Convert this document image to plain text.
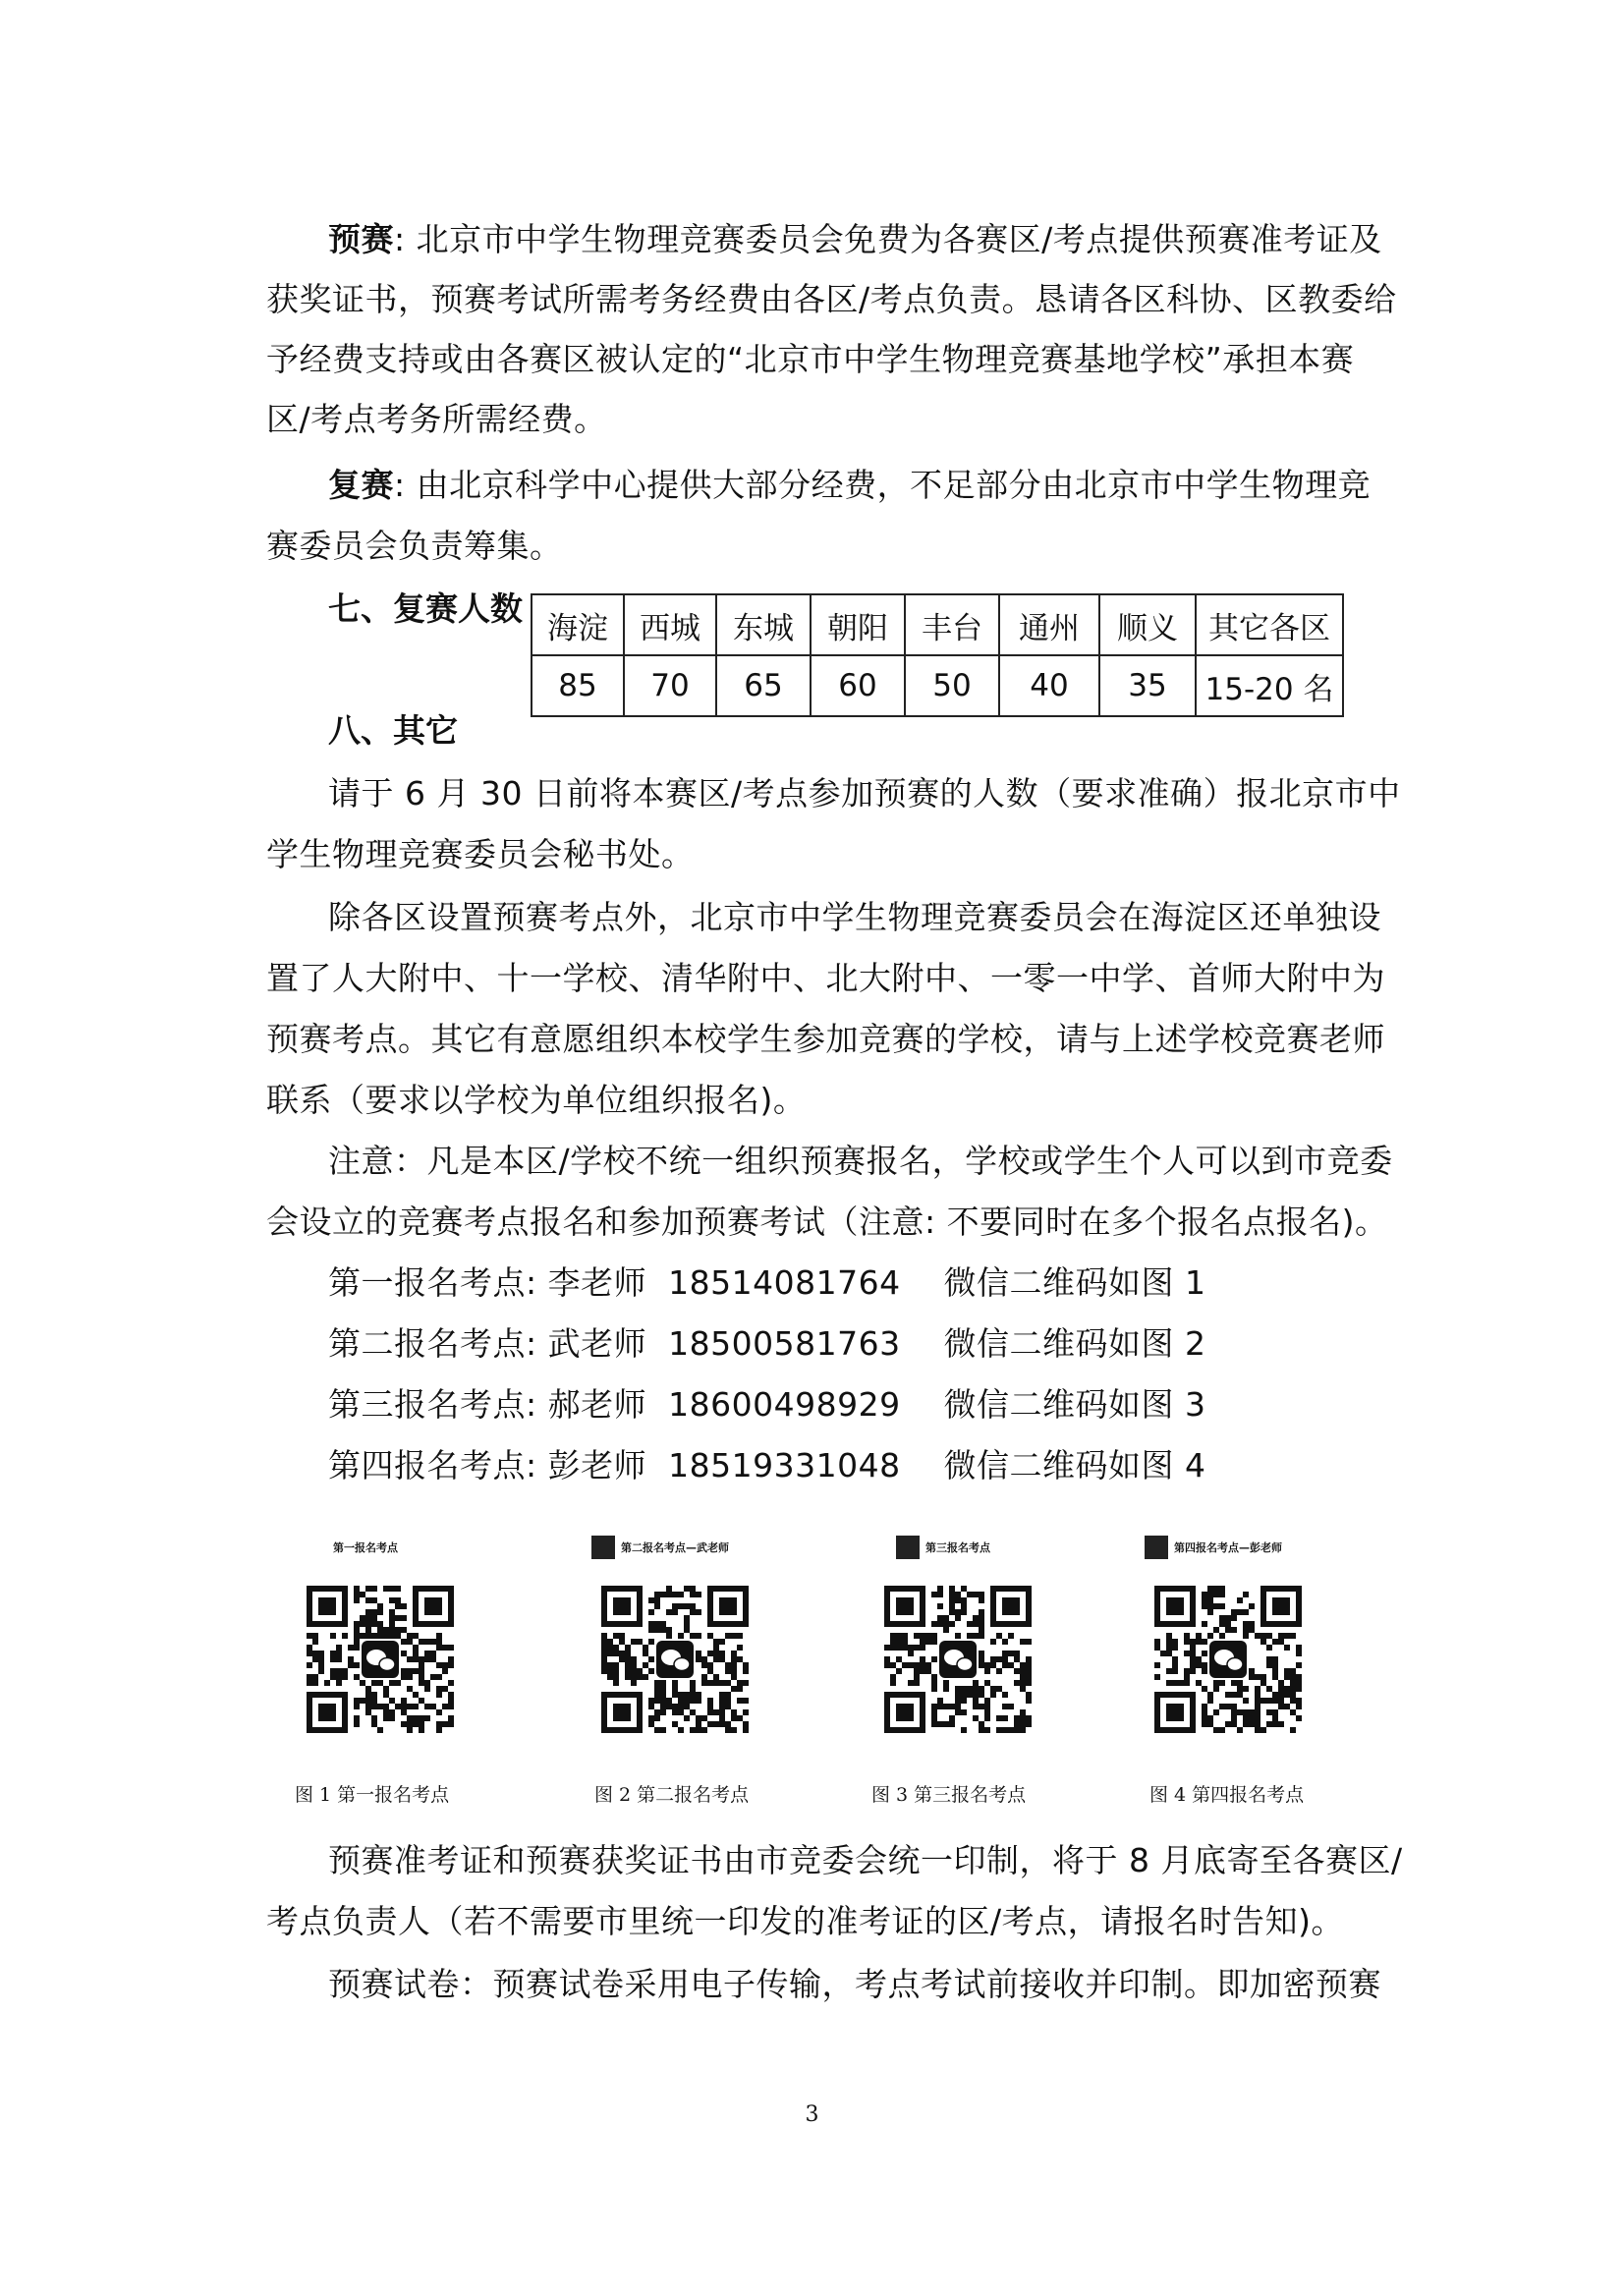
预赛: 北京市中学生物理竞赛委员会免费为各赛区/考点提供预赛准考证及
获奖证书，预赛考试所需考务经费由各区/考点负责。恳请各区科协、区教委给
予经费支持或由各赛区被认定的“北京市中学生物理竞赛基地学校”承担本赛
区/考点考务所需经费。
复赛: 由北京科学中心提供大部分经费，不足部分由北京市中学生物理竞
赛委员会负责筹集。
七、复赛人数
海淀	西城	东城	朝阳	丰台	通州	顺义	其它各区
85	70	65	60	50	40	35	15-20 名
八、其它
请于 6 月 30 日前将本赛区/考点参加预赛的人数（要求准确）报北京市中
学生物理竞赛委员会秘书处。
除各区设置预赛考点外，北京市中学生物理竞赛委员会在海淀区还单独设
置了人大附中、十一学校、清华附中、北大附中、一零一中学、首师大附中为
预赛考点。其它有意愿组织本校学生参加竞赛的学校，请与上述学校竞赛老师
联系（要求以学校为单位组织报名)。
注意：凡是本区/学校不统一组织预赛报名，学校或学生个人可以到市竞委
会设立的竞赛考点报名和参加预赛考试（注意: 不要同时在多个报名点报名)。
第一报名考点: 李老师 18514081764 微信二维码如图 1
第二报名考点: 武老师 18500581763 微信二维码如图 2
第三报名考点: 郝老师 18600498929 微信二维码如图 3
第四报名考点: 彭老师 18519331048 微信二维码如图 4
第一报名考点	第二报名考点—武老师	第三报名考点	第四报名考点—彭老师
图 1 第一报名考点	图 2 第二报名考点	图 3 第三报名考点	图 4 第四报名考点
预赛准考证和预赛获奖证书由市竞委会统一印制，将于 8 月底寄至各赛区/
考点负责人（若不需要市里统一印发的准考证的区/考点，请报名时告知)。
预赛试卷：预赛试卷采用电子传输，考点考试前接收并印制。即加密预赛
3
